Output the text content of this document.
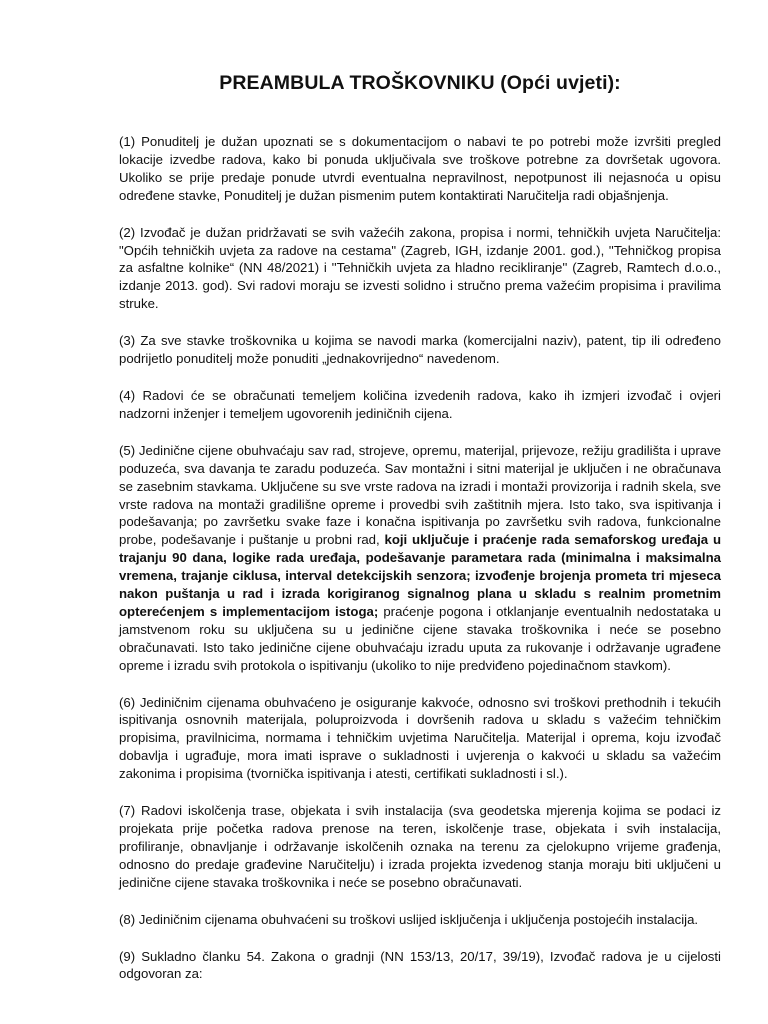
PREAMBULA TROŠKOVNIKU (Opći uvjeti):

(1) Ponuditelj je dužan upoznati se s dokumentacijom o nabavi te po potrebi može izvršiti pregled lokacije izvedbe radova, kako bi ponuda uključivala sve troškove potrebne za dovršetak ugovora. Ukoliko se prije predaje ponude utvrdi eventualna nepravilnost, nepotpunost ili nejasnoća u opisu određene stavke, Ponuditelj je dužan pismenim putem kontaktirati Naručitelja radi objašnjenja.

(2) Izvođač je dužan pridržavati se svih važećih zakona, propisa i normi, tehničkih uvjeta Naručitelja: "Općih tehničkih uvjeta za radove na cestama" (Zagreb, IGH, izdanje 2001. god.), ''Tehničkog propisa za asfaltne kolnike“ (NN 48/2021) i ''Tehničkih uvjeta za hladno recikliranje'' (Zagreb, Ramtech d.o.o., izdanje 2013. god). Svi radovi moraju se izvesti solidno i stručno prema važećim propisima i pravilima struke.

(3) Za sve stavke troškovnika u kojima se navodi marka (komercijalni naziv), patent, tip ili određeno podrijetlo ponuditelj može ponuditi „jednakovrijedno“ navedenom.

(4) Radovi će se obračunati temeljem količina izvedenih radova, kako ih izmjeri izvođač i ovjeri nadzorni inženjer i temeljem ugovorenih jediničnih cijena.

(5) Jedinične cijene obuhvaćaju sav rad, strojeve, opremu, materijal, prijevoze, režiju gradilišta i uprave poduzeća, sva davanja te zaradu poduzeća. Sav montažni i sitni materijal je uključen i ne obračunava se zasebnim stavkama. Uključene su sve vrste radova na izradi i montaži provizorija i radnih skela, sve vrste radova na montaži gradilišne opreme i provedbi svih zaštitnih mjera. Isto tako, sva ispitivanja i podešavanja; po završetku svake faze i konačna ispitivanja po završetku svih radova, funkcionalne probe, podešavanje i puštanje u probni rad, koji uključuje i praćenje rada semaforskog uređaja u trajanju 90 dana, logike rada uređaja, podešavanje parametara rada (minimalna i maksimalna vremena, trajanje ciklusa, interval detekcijskih senzora; izvođenje brojenja prometa tri mjeseca nakon puštanja u rad i izrada korigiranog signalnog plana u skladu s realnim prometnim opterećenjem s implementacijom istoga; praćenje pogona i otklanjanje eventualnih nedostataka u jamstvenom roku su uključena su u jedinične cijene stavaka troškovnika i neće se posebno obračunavati. Isto tako jedinične cijene obuhvaćaju izradu uputa za rukovanje i održavanje ugrađene opreme i izradu svih protokola o ispitivanju (ukoliko to nije predviđeno pojedinačnom stavkom).

(6) Jediničnim cijenama obuhvaćeno je osiguranje kakvoće, odnosno svi troškovi prethodnih i tekućih ispitivanja osnovnih materijala, poluproizvoda i dovršenih radova u skladu s važećim tehničkim propisima, pravilnicima, normama i tehničkim uvjetima Naručitelja. Materijal i oprema, koju izvođač dobavlja i ugrađuje, mora imati isprave o sukladnosti i uvjerenja o kakvoći u skladu sa važećim zakonima i propisima (tvornička ispitivanja i atesti, certifikati sukladnosti i sl.).

(7) Radovi iskolčenja trase, objekata i svih instalacija (sva geodetska mjerenja kojima se podaci iz projekata prije početka radova prenose na teren, iskolčenje trase, objekata i svih instalacija, profiliranje, obnavljanje i održavanje iskolčenih oznaka na terenu za cjelokupno vrijeme građenja, odnosno do predaje građevine Naručitelju) i izrada projekta izvedenog stanja moraju biti uključeni u jedinične cijene stavaka troškovnika i neće se posebno obračunavati.

(8) Jediničnim cijenama obuhvaćeni su troškovi uslijed isključenja i uključenja postojećih instalacija.

(9) Sukladno članku 54. Zakona o gradnji (NN 153/13, 20/17, 39/19), Izvođač radova je u cijelosti odgovoran za:
